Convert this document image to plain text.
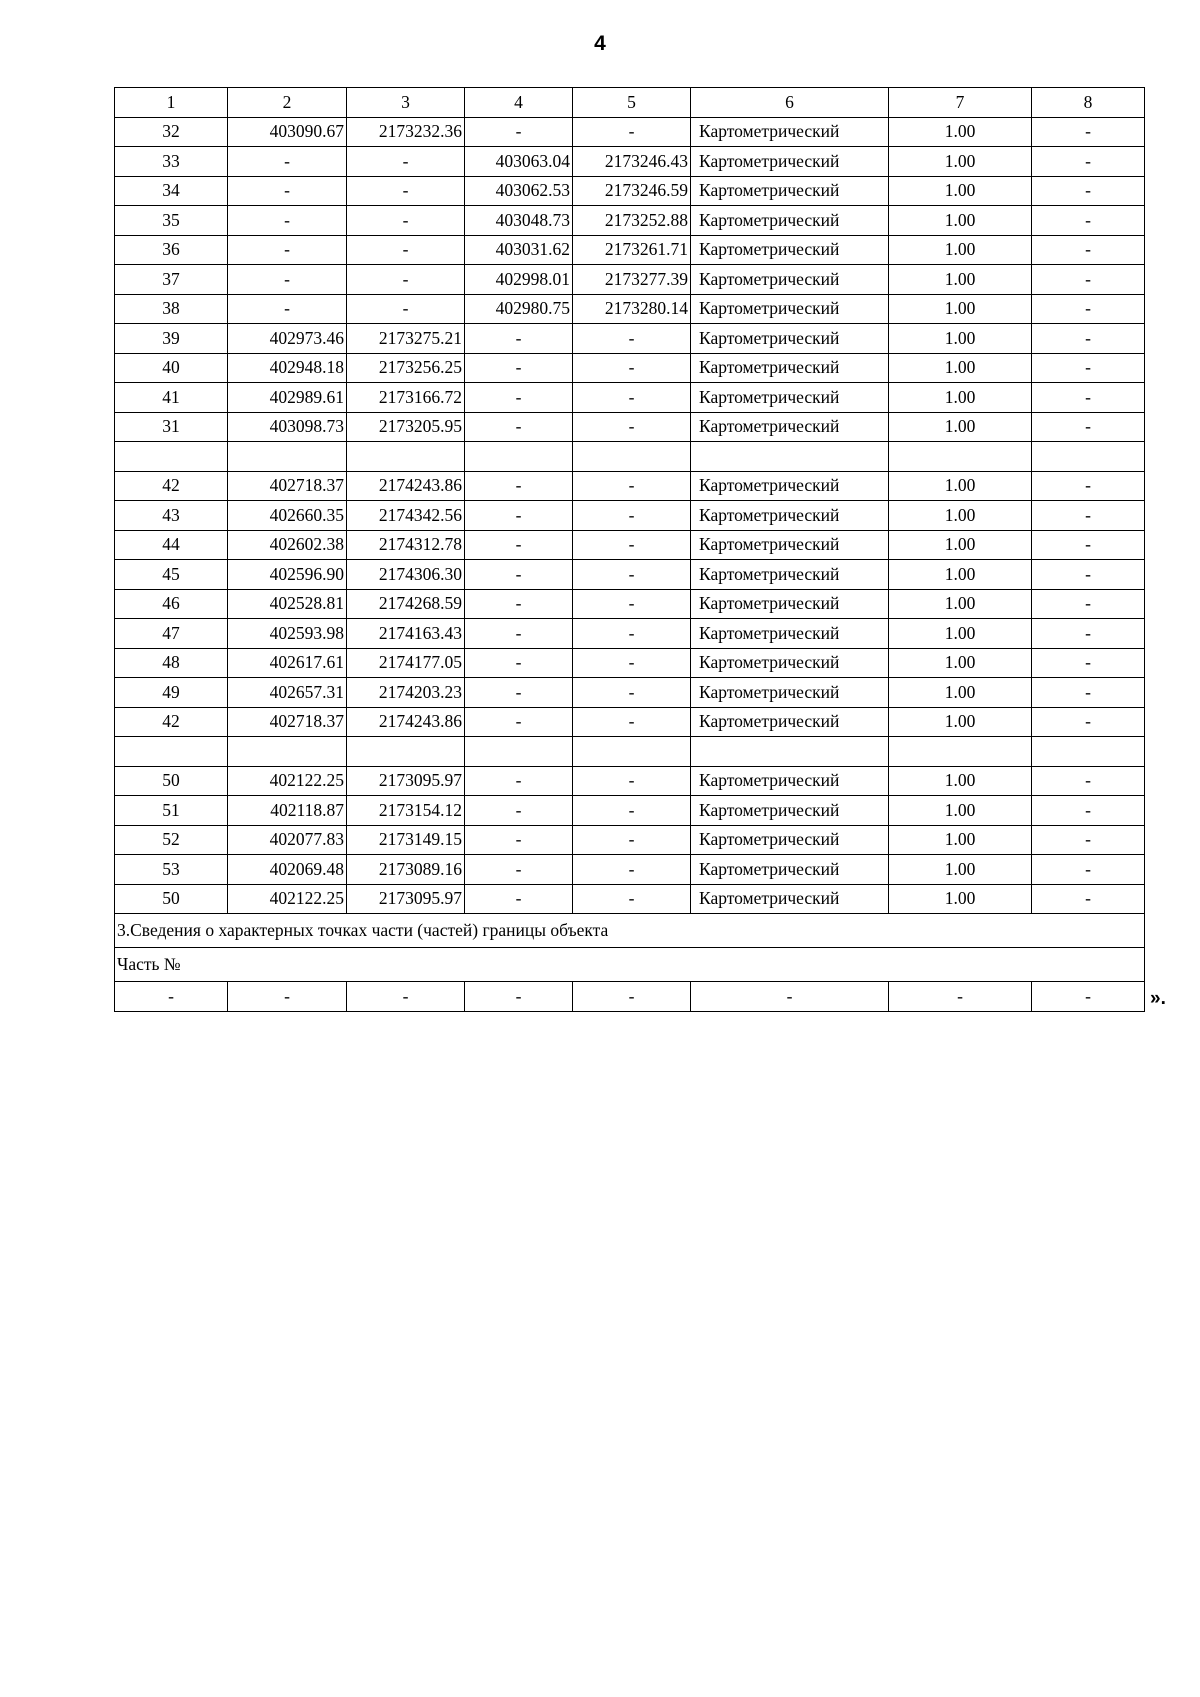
4
1	2	3	4	5	6	7	8
32	403090.67	2173232.36	-	-	Картометрический	1.00	-
33	-	-	403063.04	2173246.43	Картометрический	1.00	-
34	-	-	403062.53	2173246.59	Картометрический	1.00	-
35	-	-	403048.73	2173252.88	Картометрический	1.00	-
36	-	-	403031.62	2173261.71	Картометрический	1.00	-
37	-	-	402998.01	2173277.39	Картометрический	1.00	-
38	-	-	402980.75	2173280.14	Картометрический	1.00	-
39	402973.46	2173275.21	-	-	Картометрический	1.00	-
40	402948.18	2173256.25	-	-	Картометрический	1.00	-
41	402989.61	2173166.72	-	-	Картометрический	1.00	-
31	403098.73	2173205.95	-	-	Картометрический	1.00	-

42	402718.37	2174243.86	-	-	Картометрический	1.00	-
43	402660.35	2174342.56	-	-	Картометрический	1.00	-
44	402602.38	2174312.78	-	-	Картометрический	1.00	-
45	402596.90	2174306.30	-	-	Картометрический	1.00	-
46	402528.81	2174268.59	-	-	Картометрический	1.00	-
47	402593.98	2174163.43	-	-	Картометрический	1.00	-
48	402617.61	2174177.05	-	-	Картометрический	1.00	-
49	402657.31	2174203.23	-	-	Картометрический	1.00	-
42	402718.37	2174243.86	-	-	Картометрический	1.00	-

50	402122.25	2173095.97	-	-	Картометрический	1.00	-
51	402118.87	2173154.12	-	-	Картометрический	1.00	-
52	402077.83	2173149.15	-	-	Картометрический	1.00	-
53	402069.48	2173089.16	-	-	Картометрический	1.00	-
50	402122.25	2173095.97	-	-	Картометрический	1.00	-
3.Сведения о характерных точках части (частей) границы объекта							
Часть №							
-	-	-	-	-	-	-	-	».
